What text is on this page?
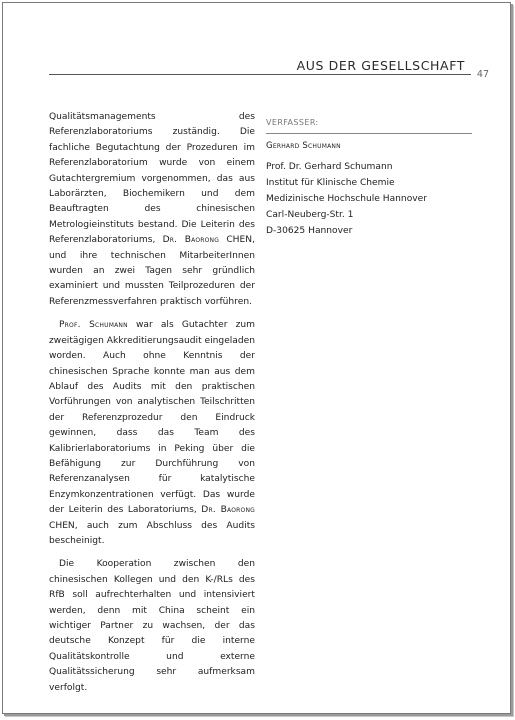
AUS DER GESELLSCHAFT
47

Qualitätsmanagements des Referenzlaboratoriums zuständig. Die fachliche Begutachtung der Prozeduren im Referenzlaboratorium wurde von einem Gutachtergremium vorgenommen, das aus Laborärzten, Biochemikern und dem Beauftragten des chinesischen Metrologieinstituts bestand. Die Leiterin des Referenzlaboratoriums, Dr. Baorong CHEN, und ihre technischen MitarbeiterInnen wurden an zwei Tagen sehr gründlich examiniert und mussten Teilprozeduren der Referenzmessverfahren praktisch vorführen.

Prof. Schumann war als Gutachter zum zweitägigen Akkreditierungsaudit eingeladen worden. Auch ohne Kenntnis der chinesischen Sprache konnte man aus dem Ablauf des Audits mit den praktischen Vorführungen von analytischen Teilschritten der Referenzprozedur den Eindruck gewinnen, dass das Team des Kalibrierlaboratoriums in Peking über die Befähigung zur Durchführung von Referenzanalysen für katalytische Enzymkonzentrationen verfügt. Das wurde der Leiterin des Laboratoriums, Dr. Baorong CHEN, auch zum Abschluss des Audits bescheinigt.

Die Kooperation zwischen den chinesischen Kollegen und den K-/RLs des RfB soll aufrechterhalten und intensiviert werden, denn mit China scheint ein wichtiger Partner zu wachsen, der das deutsche Konzept für die interne Qualitätskontrolle und externe Qualitätssicherung sehr aufmerksam verfolgt.

VERFASSER:
Gerhard Schumann
Prof. Dr. Gerhard Schumann
Institut für Klinische Chemie
Medizinische Hochschule Hannover
Carl-Neuberg-Str. 1
D-30625 Hannover
